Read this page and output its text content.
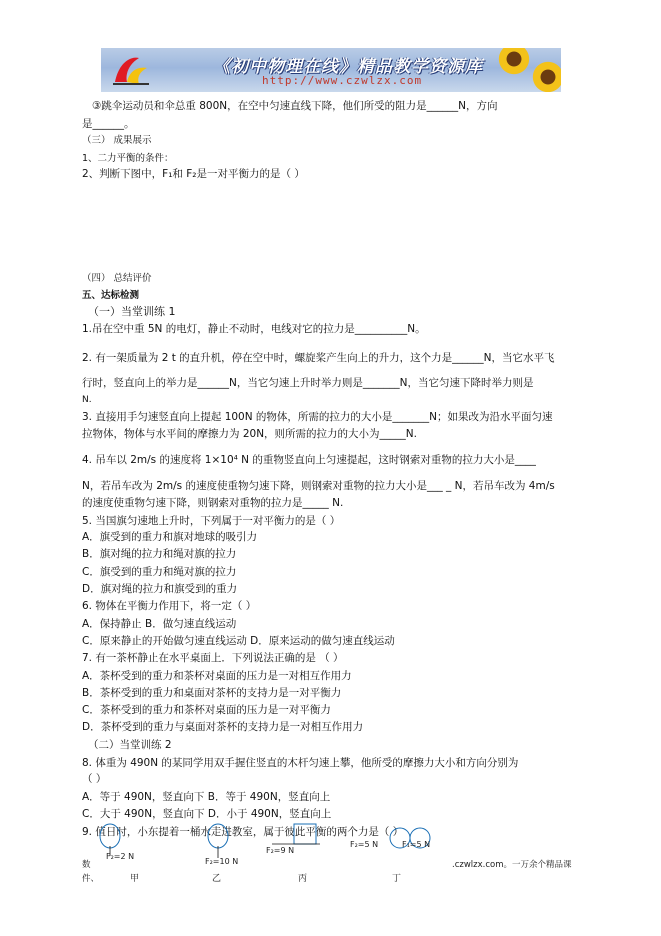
《初中物理在线》精品教学资源库
http://www.czwlzx.com
③跳伞运动员和伞总重 800N，在空中匀速直线下降，他们所受的阻力是______N，方向
是______。
（三） 成果展示
1、二力平衡的条件：
2、判断下图中，F₁和 F₂是一对平衡力的是（ ）
（四） 总结评价
五、达标检测
（一）当堂训练 1
1.吊在空中重 5N 的电灯，静止不动时，电线对它的拉力是__________N。
2. 有一架质量为 2 t 的直升机，停在空中时，螺旋桨产生向上的升力，这个力是______N，当它水平飞
行时，竖直向上的举力是______N，当它匀速上升时举力则是_______N，当它匀速下降时举力则是
N.
3. 直接用手匀速竖直向上提起 100N 的物体，所需的拉力的大小是_______N；如果改为沿水平面匀速
拉物体，物体与水平间的摩擦力为 20N，则所需的拉力的大小为_____N.
4. 吊车以 2m/s 的速度将 1×10⁴ N 的重物竖直向上匀速提起，这时钢索对重物的拉力大小是____
N，若吊车改为 2m/s 的速度使重物匀速下降，则钢索对重物的拉力大小是___ _ N，若吊车改为 4m/s
的速度使重物匀速下降，则钢索对重物的拉力是_____ N.
5. 当国旗匀速地上升时，下列属于一对平衡力的是（ ）
A．旗受到的重力和旗对地球的吸引力
B．旗对绳的拉力和绳对旗的拉力
C．旗受到的重力和绳对旗的拉力
D．旗对绳的拉力和旗受到的重力
6. 物体在平衡力作用下，将一定（ ）
A．保持静止 B．做匀速直线运动
C．原来静止的开始做匀速直线运动 D．原来运动的做匀速直线运动
7. 有一茶杯静止在水平桌面上．下列说法正确的是 （ ）
A．茶杯受到的重力和茶杯对桌面的压力是一对相互作用力
B．茶杯受到的重力和桌面对茶杯的支持力是一对平衡力
C．茶杯受到的重力和茶杯对桌面的压力是一对平衡力
D．茶杯受到的重力与桌面对茶杯的支持力是一对相互作用力
（二）当堂训练 2
8. 体重为 490N 的某同学用双手握住竖直的木杆匀速上攀，他所受的摩擦力大小和方向分别为
（ ）
A．等于 490N，竖直向下 B．等于 490N，竖直向上
C．大于 490N，竖直向下 D．小于 490N，竖直向上
9. 值日时，小东提着一桶水走进教室，属于彼此平衡的两个力是（ ）
F₂=2 N
F₂=10 N
F₂=9 N
F₂=5 N	F₁=5 N
甲	乙	丙	丁
数
件、
.czwlzx.com。一万余个精品课
